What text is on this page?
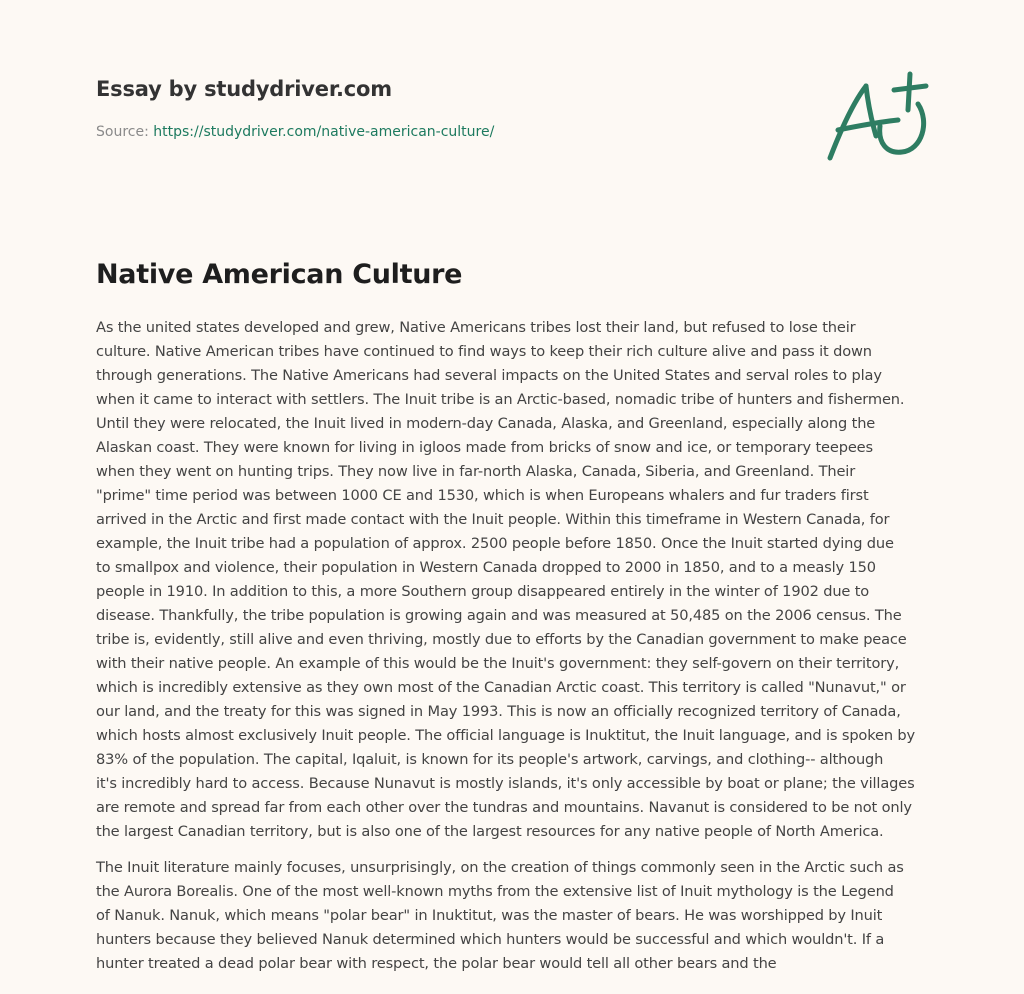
Essay by studydriver.com
Source: https://studydriver.com/native-american-culture/
Native American Culture

As the united states developed and grew, Native Americans tribes lost their land, but refused to lose their
culture. Native American tribes have continued to find ways to keep their rich culture alive and pass it down
through generations. The Native Americans had several impacts on the United States and serval roles to play
when it came to interact with settlers. The Inuit tribe is an Arctic-based, nomadic tribe of hunters and fishermen.
Until they were relocated, the Inuit lived in modern-day Canada, Alaska, and Greenland, especially along the
Alaskan coast. They were known for living in igloos made from bricks of snow and ice, or temporary teepees
when they went on hunting trips. They now live in far-north Alaska, Canada, Siberia, and Greenland. Their
"prime" time period was between 1000 CE and 1530, which is when Europeans whalers and fur traders first
arrived in the Arctic and first made contact with the Inuit people. Within this timeframe in Western Canada, for
example, the Inuit tribe had a population of approx. 2500 people before 1850. Once the Inuit started dying due
to smallpox and violence, their population in Western Canada dropped to 2000 in 1850, and to a measly 150
people in 1910. In addition to this, a more Southern group disappeared entirely in the winter of 1902 due to
disease. Thankfully, the tribe population is growing again and was measured at 50,485 on the 2006 census. The
tribe is, evidently, still alive and even thriving, mostly due to efforts by the Canadian government to make peace
with their native people. An example of this would be the Inuit's government: they self-govern on their territory,
which is incredibly extensive as they own most of the Canadian Arctic coast. This territory is called "Nunavut," or
our land, and the treaty for this was signed in May 1993. This is now an officially recognized territory of Canada,
which hosts almost exclusively Inuit people. The official language is Inuktitut, the Inuit language, and is spoken by
83% of the population. The capital, Iqaluit, is known for its people's artwork, carvings, and clothing-- although
it's incredibly hard to access. Because Nunavut is mostly islands, it's only accessible by boat or plane; the villages
are remote and spread far from each other over the tundras and mountains. Navanut is considered to be not only
the largest Canadian territory, but is also one of the largest resources for any native people of North America.

The Inuit literature mainly focuses, unsurprisingly, on the creation of things commonly seen in the Arctic such as
the Aurora Borealis. One of the most well-known myths from the extensive list of Inuit mythology is the Legend
of Nanuk. Nanuk, which means "polar bear" in Inuktitut, was the master of bears. He was worshipped by Inuit
hunters because they believed Nanuk determined which hunters would be successful and which wouldn't. If a
hunter treated a dead polar bear with respect, the polar bear would tell all other bears and the
